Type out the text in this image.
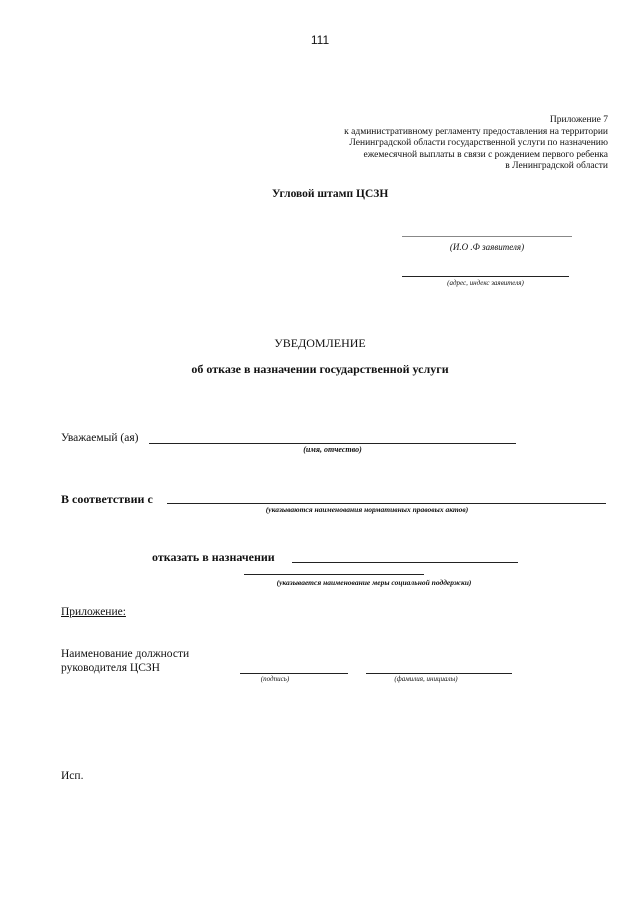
111
Приложение 7
к административному регламенту предоставления на территории
Ленинградской области государственной услуги по назначению
ежемесячной выплаты в связи с рождением первого ребенка
в Ленинградской области
Угловой штамп ЦСЗН
(И.О .Ф заявителя)
(адрес, индекс заявителя)
УВЕДОМЛЕНИЕ
об отказе в назначении государственной услуги
Уважаемый (ая)
(имя, отчество)
В соответствии с
(указываются наименования нормативных правовых актов)
отказать в назначении
(указывается наименование меры социальной поддержки)
Приложение:
Наименование должности
руководителя ЦСЗН
(подпись)	(фамилия, инициалы)
Исп.
